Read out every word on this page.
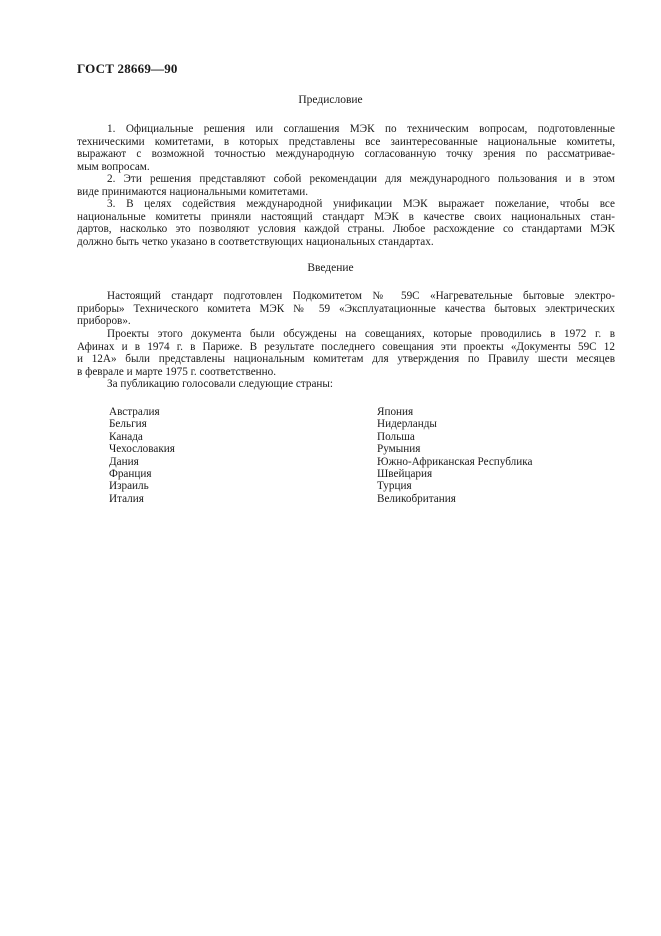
ГОСТ 28669—90
Предисловие
1. Официальные решения или соглашения МЭК по техническим вопросам, подготовленные
техническими комитетами, в которых представлены все заинтересованные национальные комитеты,
выражают с возможной точностью международную согласованную точку зрения по рассматривае-
мым вопросам.
2. Эти решения представляют собой рекомендации для международного пользования и в этом
виде принимаются национальными комитетами.
3. В целях содействия международной унификации МЭК выражает пожелание, чтобы все
национальные комитеты приняли настоящий стандарт МЭК в качестве своих национальных стан-
дартов, насколько это позволяют условия каждой страны. Любое расхождение со стандартами МЭК
должно быть четко указано в соответствующих национальных стандартах.
Введение
Настоящий стандарт подготовлен Подкомитетом № 59С «Нагревательные бытовые электро-
приборы» Технического комитета МЭК № 59 «Эксплуатационные качества бытовых электрических
приборов».
Проекты этого документа были обсуждены на совещаниях, которые проводились в 1972 г. в
Афинах и в 1974 г. в Париже. В результате последнего совещания эти проекты «Документы 59С 12
и 12А» были представлены национальным комитетам для утверждения по Правилу шести месяцев
в феврале и марте 1975 г. соответственно.
За публикацию голосовали следующие страны:
Австралия
Бельгия
Канада
Чехословакия
Дания
Франция
Израиль
Италия
Япония
Нидерланды
Польша
Румыния
Южно-Африканская Республика
Швейцария
Турция
Великобритания
